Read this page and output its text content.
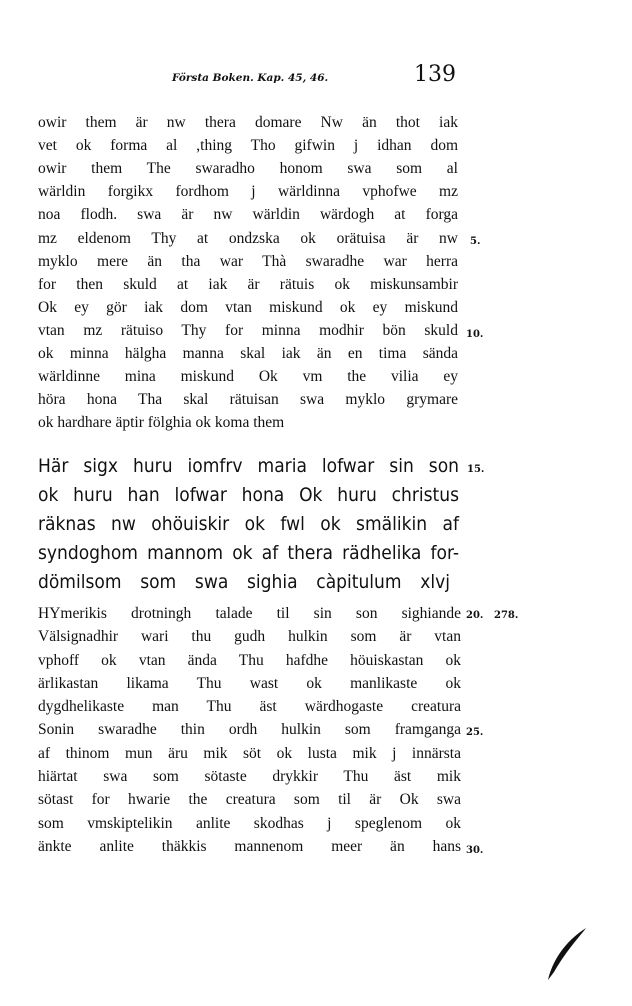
Första Boken. Kap. 45, 46.	139
owir them är nw thera domare Nw än thot iak
vet ok forma al ,thing Tho gifwin j idhan dom
owir them The swaradho honom swa som al
wärldin forgikx fordhom j wärldinna vphofwe mz
noa flodh. swa är nw wärldin wärdogh at forga
mz eldenom Thy at ondzska ok orätuisa är nw
myklo mere än tha war Thà swaradhe war herra
for then skuld at iak är rätuis ok miskunsambir
Ok ey gör iak dom vtan miskund ok ey miskund
vtan mz rätuiso Thy for minna modhir bön skuld
ok minna hälgha manna skal iak än en tima sända
wärldinne mina miskund Ok vm the vilia ey
höra hona Tha skal rätuisan swa myklo grymare
ok hardhare äptir fölghia ok koma them
Här sigx huru iomfrv maria lofwar sin son
ok huru han lofwar hona Ok huru christus
räknas nw ohöuiskir ok fwl ok smälikin af
syndoghom mannom ok af thera rädhelika for-
dömilsom som swa sighia càpitulum xlvj
HYmerikis drotningh talade til sin son sighiande
Välsignadhir wari thu gudh hulkin som är vtan
vphoff ok vtan ända Thu hafdhe höuiskastan ok
ärlikastan likama Thu wast ok manlikaste ok
dygdhelikaste man Thu äst wärdhogaste creatura
Sonin swaradhe thin ordh hulkin som framganga
af thinom mun äru mik söt ok lusta mik j innärsta
hiärtat swa som sötaste drykkir Thu äst mik
sötast for hwarie the creatura som til är Ok swa
som vmskiptelikin anlite skodhas j speglenom ok
änkte anlite thäkkis mannenom meer än hans
5.
10.
15.
20. 278.
25.
30.
